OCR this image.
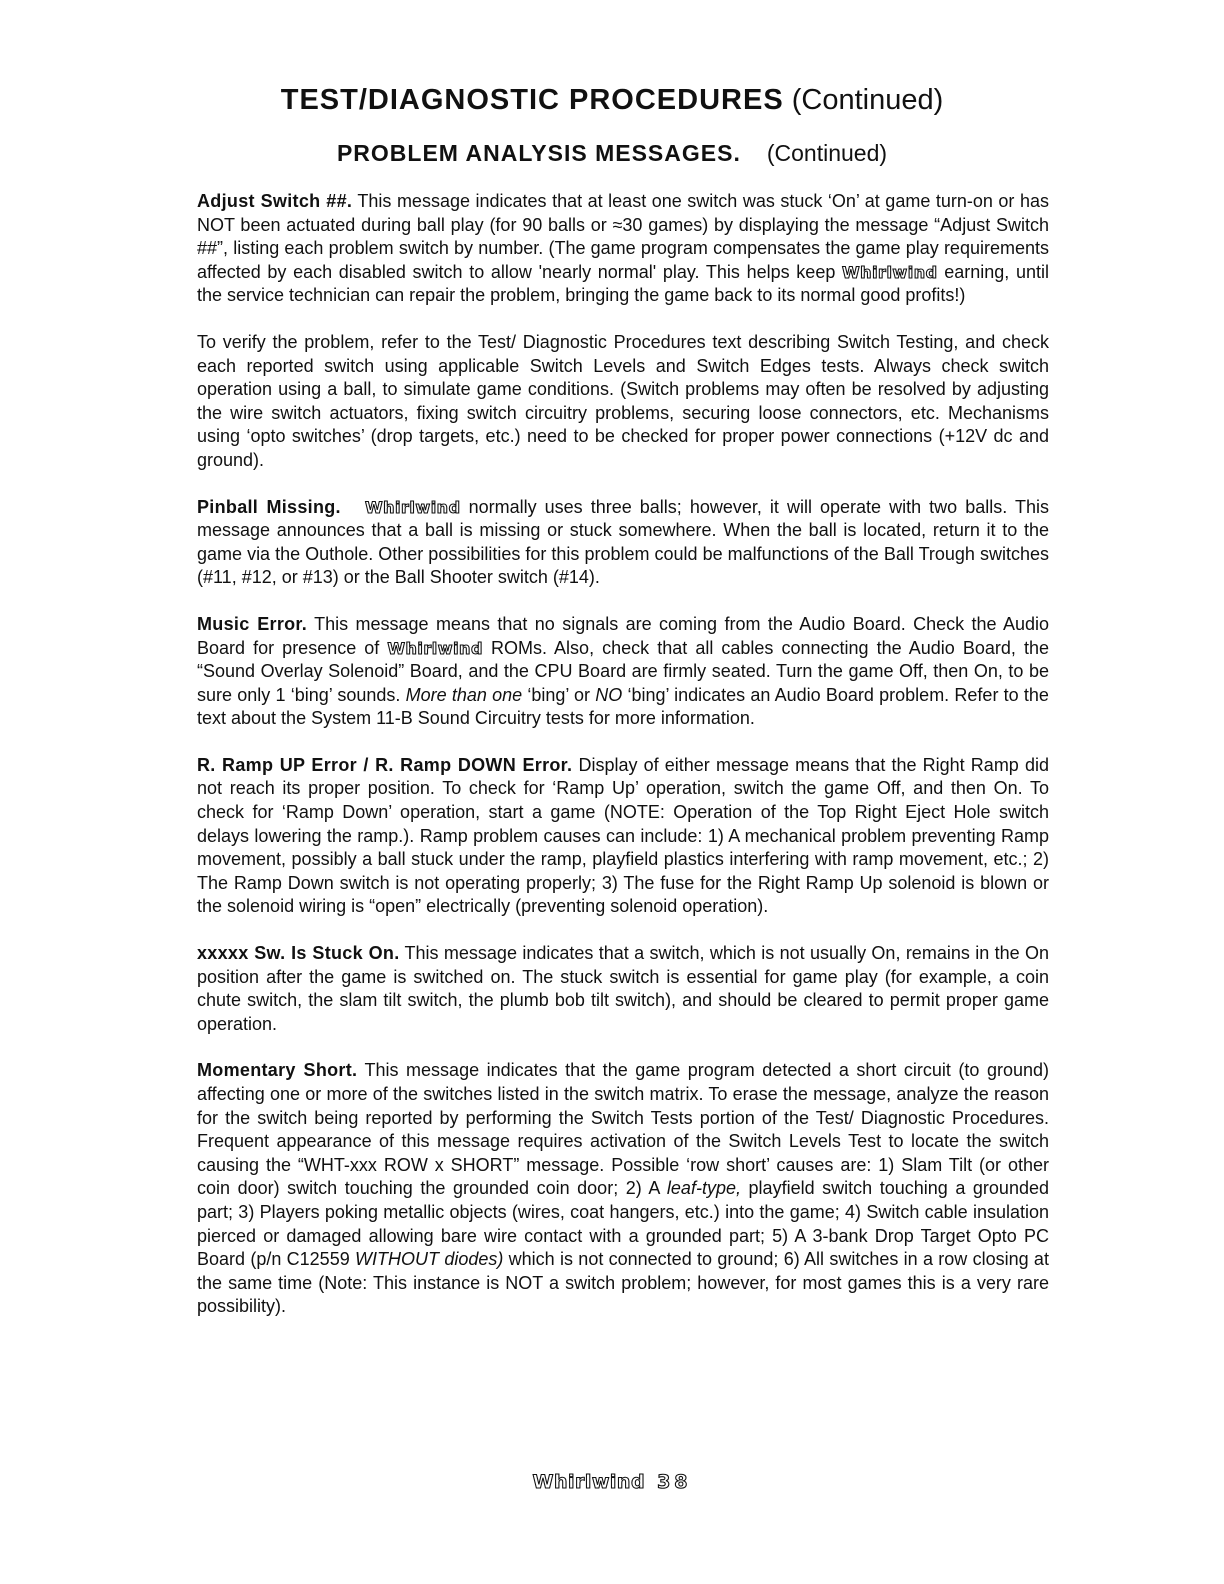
TEST/DIAGNOSTIC PROCEDURES (Continued)
PROBLEM ANALYSIS MESSAGES. (Continued)

Adjust Switch ##. This message indicates that at least one switch was stuck ‘On’ at game turn-on or has NOT been actuated during ball play (for 90 balls or ≈30 games) by displaying the message “Adjust Switch ##”, listing each problem switch by number. (The game program compensates the game play requirements affected by each disabled switch to allow 'nearly normal' play. This helps keep Whirlwind earning, until the service technician can repair the problem, bringing the game back to its normal good profits!)

To verify the problem, refer to the Test/ Diagnostic Procedures text describing Switch Testing, and check each reported switch using applicable Switch Levels and Switch Edges tests. Always check switch operation using a ball, to simulate game conditions. (Switch problems may often be resolved by adjusting the wire switch actuators, fixing switch circuitry problems, securing loose connectors, etc. Mechanisms using ‘opto switches’ (drop targets, etc.) need to be checked for proper power connections (+12V dc and ground).

Pinball Missing. Whirlwind normally uses three balls; however, it will operate with two balls. This message announces that a ball is missing or stuck somewhere. When the ball is located, return it to the game via the Outhole. Other possibilities for this problem could be malfunctions of the Ball Trough switches (#11, #12, or #13) or the Ball Shooter switch (#14).

Music Error. This message means that no signals are coming from the Audio Board. Check the Audio Board for presence of Whirlwind ROMs. Also, check that all cables connecting the Audio Board, the “Sound Overlay Solenoid” Board, and the CPU Board are firmly seated. Turn the game Off, then On, to be sure only 1 ‘bing’ sounds. More than one ‘bing’ or NO ‘bing’ indicates an Audio Board problem. Refer to the text about the System 11-B Sound Circuitry tests for more information.

R. Ramp UP Error / R. Ramp DOWN Error. Display of either message means that the Right Ramp did not reach its proper position. To check for ‘Ramp Up’ operation, switch the game Off, and then On. To check for ‘Ramp Down’ operation, start a game (NOTE: Operation of the Top Right Eject Hole switch delays lowering the ramp.). Ramp problem causes can include: 1) A mechanical problem preventing Ramp movement, possibly a ball stuck under the ramp, playfield plastics interfering with ramp movement, etc.; 2) The Ramp Down switch is not operating properly; 3) The fuse for the Right Ramp Up solenoid is blown or the solenoid wiring is “open” electrically (preventing solenoid operation).

xxxxx Sw. Is Stuck On. This message indicates that a switch, which is not usually On, remains in the On position after the game is switched on. The stuck switch is essential for game play (for example, a coin chute switch, the slam tilt switch, the plumb bob tilt switch), and should be cleared to permit proper game operation.

Momentary Short. This message indicates that the game program detected a short circuit (to ground) affecting one or more of the switches listed in the switch matrix. To erase the message, analyze the reason for the switch being reported by performing the Switch Tests portion of the Test/ Diagnostic Procedures. Frequent appearance of this message requires activation of the Switch Levels Test to locate the switch causing the “WHT-xxx ROW x SHORT” message. Possible ‘row short’ causes are: 1) Slam Tilt (or other coin door) switch touching the grounded coin door; 2) A leaf-type, playfield switch touching a grounded part; 3) Players poking metallic objects (wires, coat hangers, etc.) into the game; 4) Switch cable insulation pierced or damaged allowing bare wire contact with a grounded part; 5) A 3-bank Drop Target Opto PC Board (p/n C12559 WITHOUT diodes) which is not connected to ground; 6) All switches in a row closing at the same time (Note: This instance is NOT a switch problem; however, for most games this is a very rare possibility).

Whirlwind 38
